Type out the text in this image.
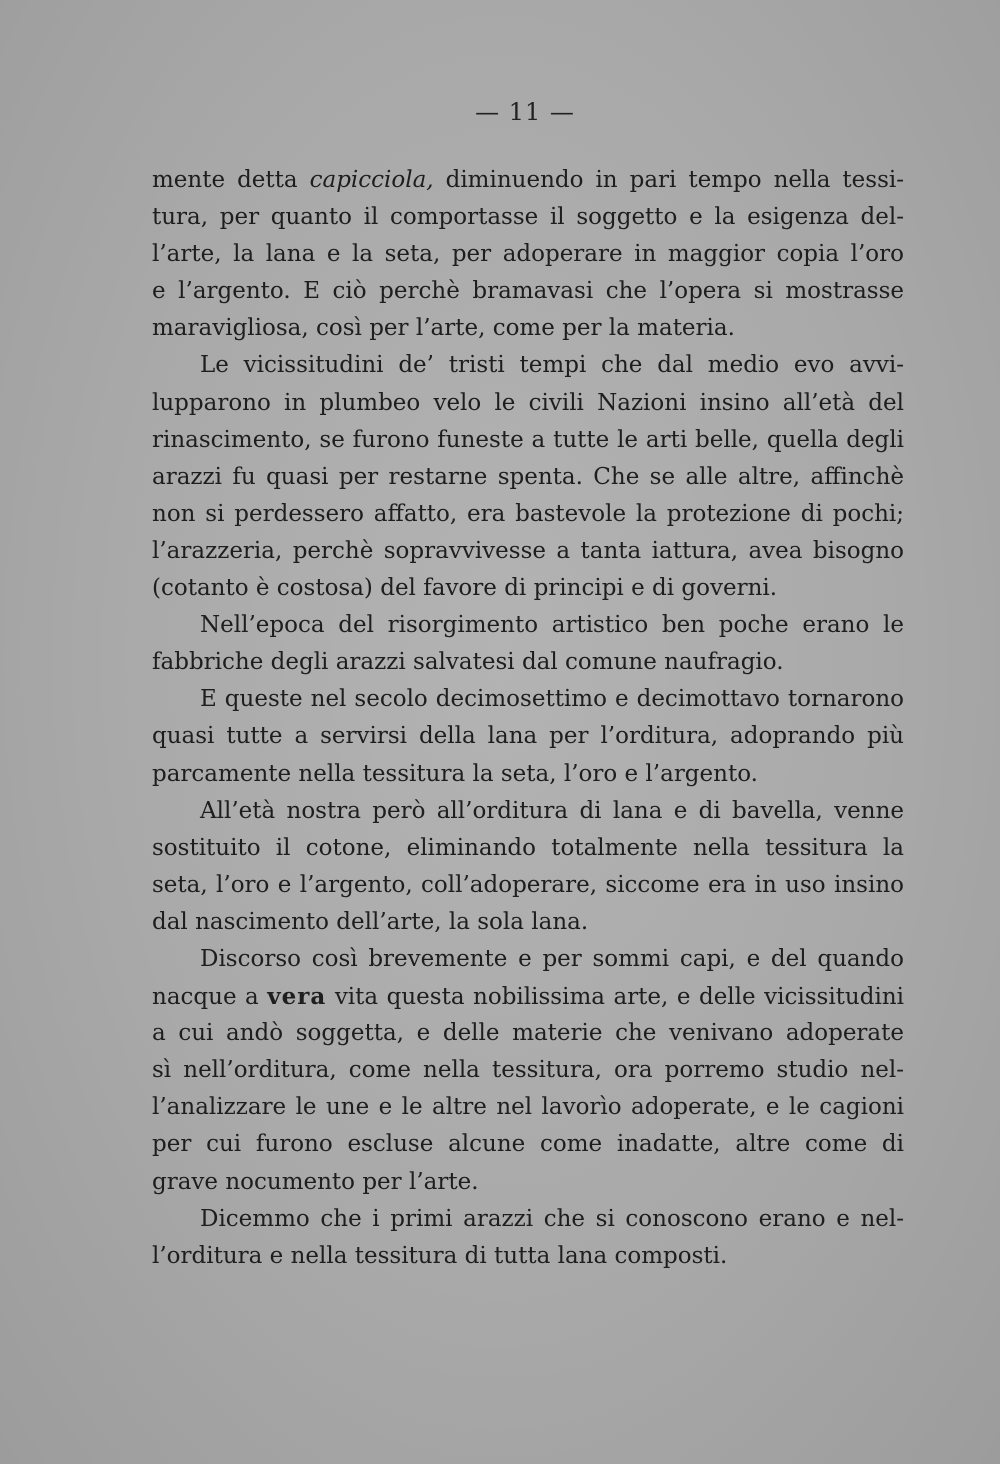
— 11 —
mente detta capicciola, diminuendo in pari tempo nella tessi-
tura, per quanto il comportasse il soggetto e la esigenza del-
l’arte, la lana e la seta, per adoperare in maggior copia l’oro
e l’argento. E ciò perchè bramavasi che l’opera si mostrasse
maravigliosa, così per l’arte, come per la materia.
Le vicissitudini de’ tristi tempi che dal medio evo avvi-
lupparono in plumbeo velo le civili Nazioni insino all’età del
rinascimento, se furono funeste a tutte le arti belle, quella degli
arazzi fu quasi per restarne spenta. Che se alle altre, affinchè
non si perdessero affatto, era bastevole la protezione di pochi;
l’arazzeria, perchè sopravvivesse a tanta iattura, avea bisogno
(cotanto è costosa) del favore di principi e di governi.
Nell’epoca del risorgimento artistico ben poche erano le
fabbriche degli arazzi salvatesi dal comune naufragio.
E queste nel secolo decimosettimo e decimottavo tornarono
quasi tutte a servirsi della lana per l’orditura, adoprando più
parcamente nella tessitura la seta, l’oro e l’argento.
All’età nostra però all’orditura di lana e di bavella, venne
sostituito il cotone, eliminando totalmente nella tessitura la
seta, l’oro e l’argento, coll’adoperare, siccome era in uso insino
dal nascimento dell’arte, la sola lana.
Discorso così brevemente e per sommi capi, e del quando
nacque a vera vita questa nobilissima arte, e delle vicissitudini
a cui andò soggetta, e delle materie che venivano adoperate
sì nell’orditura, come nella tessitura, ora porremo studio nel-
l’analizzare le une e le altre nel lavorìo adoperate, e le cagioni
per cui furono escluse alcune come inadatte, altre come di
grave nocumento per l’arte.
Dicemmo che i primi arazzi che si conoscono erano e nel-
l’orditura e nella tessitura di tutta lana composti.
